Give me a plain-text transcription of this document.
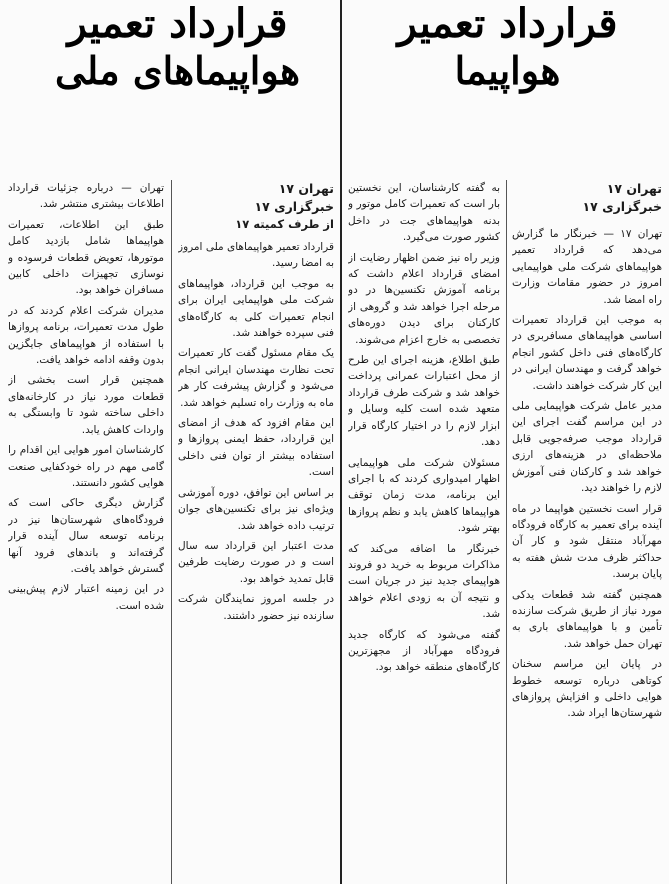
قرارداد تعمیر
هواپیما
قرارداد تعمیر
هواپیماهای ملی
تهران ۱۷
خبرگزاری ۱۷

تهران ۱۷ — خبرنگار ما گزارش می‌دهد که قرارداد تعمیر هواپیماهای شرکت ملی هواپیمایی امروز در حضور مقامات وزارت راه امضا شد.

به موجب این قرارداد تعمیرات اساسی هواپیماهای مسافربری در کارگاه‌های فنی داخل کشور انجام خواهد گرفت و مهندسان ایرانی در این کار شرکت خواهند داشت.

مدیر عامل شرکت هواپیمایی ملی در این مراسم گفت اجرای این قرارداد موجب صرفه‌جویی قابل ملاحظه‌ای در هزینه‌های ارزی خواهد شد و کارکنان فنی آموزش لازم را خواهند دید.

قرار است نخستین هواپیما در ماه آینده برای تعمیر به کارگاه فرودگاه مهرآباد منتقل شود و کار آن حداکثر ظرف مدت شش هفته به پایان برسد.

همچنین گفته شد قطعات یدکی مورد نیاز از طریق شرکت سازنده تأمین و با هواپیماهای باری به تهران حمل خواهد شد.

در پایان این مراسم سخنان کوتاهی درباره توسعه خطوط هوایی داخلی و افزایش پروازهای شهرستان‌ها ایراد شد.

به گفته کارشناسان، این نخستین بار است که تعمیرات کامل موتور و بدنه هواپیماهای جت در داخل کشور صورت می‌گیرد.

وزیر راه نیز ضمن اظهار رضایت از امضای قرارداد اعلام داشت که برنامه آموزش تکنسین‌ها در دو مرحله اجرا خواهد شد و گروهی از کارکنان برای دیدن دوره‌های تخصصی به خارج اعزام می‌شوند.

طبق اطلاع، هزینه اجرای این طرح از محل اعتبارات عمرانی پرداخت خواهد شد و شرکت طرف قرارداد متعهد شده است کلیه وسایل و ابزار لازم را در اختیار کارگاه قرار دهد.

مسئولان شرکت ملی هواپیمایی اظهار امیدواری کردند که با اجرای این برنامه، مدت زمان توقف هواپیماها کاهش یابد و نظم پروازها بهتر شود.

خبرنگار ما اضافه می‌کند که مذاکرات مربوط به خرید دو فروند هواپیمای جدید نیز در جریان است و نتیجه آن به زودی اعلام خواهد شد.

گفته می‌شود که کارگاه جدید فرودگاه مهرآباد از مجهزترین کارگاه‌های منطقه خواهد بود.

تهران ۱۷
خبرگزاری ۱۷
از طرف کمیته ۱۷

قرارداد تعمیر هواپیماهای ملی امروز به امضا رسید.

به موجب این قرارداد، هواپیماهای شرکت ملی هواپیمایی ایران برای انجام تعمیرات کلی به کارگاه‌های فنی سپرده خواهند شد.

یک مقام مسئول گفت کار تعمیرات تحت نظارت مهندسان ایرانی انجام می‌شود و گزارش پیشرفت کار هر ماه به وزارت راه تسلیم خواهد شد.

این مقام افزود که هدف از امضای این قرارداد، حفظ ایمنی پروازها و استفاده بیشتر از توان فنی داخلی است.

بر اساس این توافق، دوره آموزشی ویژه‌ای نیز برای تکنسین‌های جوان ترتیب داده خواهد شد.

مدت اعتبار این قرارداد سه سال است و در صورت رضایت طرفین قابل تمدید خواهد بود.

در جلسه امروز نمایندگان شرکت سازنده نیز حضور داشتند.

تهران — درباره جزئیات قرارداد اطلاعات بیشتری منتشر شد.

طبق این اطلاعات، تعمیرات هواپیماها شامل بازدید کامل موتورها، تعویض قطعات فرسوده و نوسازی تجهیزات داخلی کابین مسافران خواهد بود.

مدیران شرکت اعلام کردند که در طول مدت تعمیرات، برنامه پروازها با استفاده از هواپیماهای جایگزین بدون وقفه ادامه خواهد یافت.

همچنین قرار است بخشی از قطعات مورد نیاز در کارخانه‌های داخلی ساخته شود تا وابستگی به واردات کاهش یابد.

کارشناسان امور هوایی این اقدام را گامی مهم در راه خودکفایی صنعت هوایی کشور دانستند.

گزارش دیگری حاکی است که فرودگاه‌های شهرستان‌ها نیز در برنامه توسعه سال آینده قرار گرفته‌اند و باندهای فرود آنها گسترش خواهد یافت.

در این زمینه اعتبار لازم پیش‌بینی شده است.
